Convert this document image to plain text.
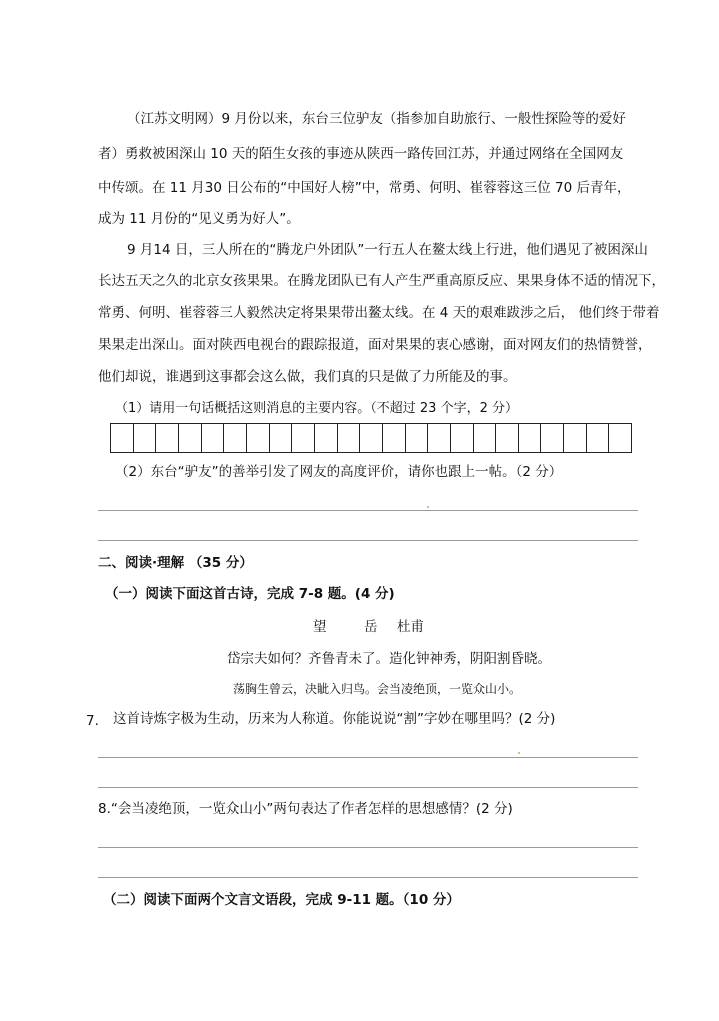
（江苏文明网）9 月份以来，东台三位驴友（指参加自助旅行、一般性探险等的爱好
者）勇救被困深山 10 天的陌生女孩的事迹从陕西一路传回江苏，并通过网络在全国网友
中传颂。在 11 月30 日公布的“中国好人榜”中，常勇、何明、崔蓉蓉这三位 70 后青年，
成为 11 月份的“见义勇为好人”。
9 月14 日，三人所在的“腾龙户外团队”一行五人在鳌太线上行进，他们遇见了被困深山
长达五天之久的北京女孩果果。在腾龙团队已有人产生严重高原反应、果果身体不适的情况下，
常勇、何明、崔蓉蓉三人毅然决定将果果带出鳌太线。在 4 天的艰难跋涉之后， 他们终于带着
果果走出深山。面对陕西电视台的跟踪报道，面对果果的衷心感谢，面对网友们的热情赞誉，
他们却说，谁遇到这事都会这么做，我们真的只是做了力所能及的事。
（1）请用一句话概括这则消息的主要内容。（不超过 23 个字，2 分）
（2）东台“驴友”的善举引发了网友的高度评价，请你也跟上一帖。（2 分）
二、阅读·理解 （35 分）
（一）阅读下面这首古诗，完成 7-8 题。(4 分)
望	岳 杜甫
岱宗夫如何？齐鲁青未了。造化钟神秀，阴阳割昏晓。
荡胸生曾云，决眦入归鸟。会当凌绝顶，一览众山小。
7. 这首诗炼字极为生动，历来为人称道。你能说说“割”字妙在哪里吗？(2 分)
8.“会当凌绝顶，一览众山小”两句表达了作者怎样的思想感情？(2 分)
（二）阅读下面两个文言文语段，完成 9-11 题。（10 分）
